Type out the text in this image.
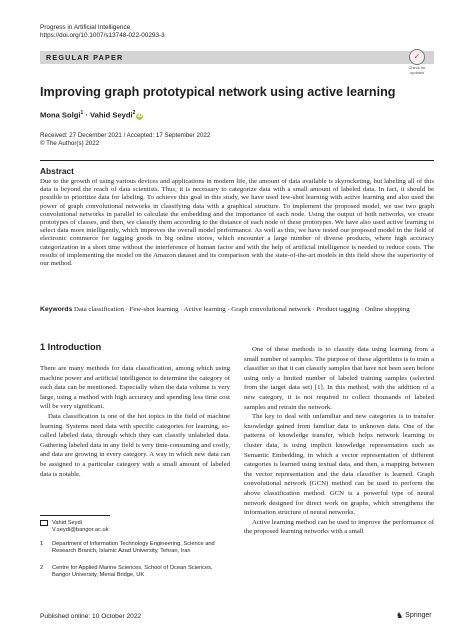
Progress in Artificial Intelligence
https://doi.org/10.1007/s13748-022-00293-3
REGULAR PAPER	✓
Check for
updates
Improving graph prototypical network using active learning
Mona Solgi$^1$ · Vahid Seydi$^2$ iD
Received: 27 December 2021 / Accepted: 17 September 2022
© The Author(s) 2022
Abstract
Due to the growth of using various devices and applications in modern life, the amount of data available is skyrocketing, but labeling all of this data is beyond the reach of data scientists. Thus, it is necessary to categorize data with a small amount of labeled data. In fact, it should be possible to prioritize data for labeling. To achieve this goal in this study, we have used few-shot learning with active learning and also used the power of graph convolutional networks in classifying data with a graphical structure. To implement the proposed model, we use two graph convolutional networks in parallel to calculate the embedding and the importance of each node. Using the output of both networks, we create prototypes of classes, and then, we classify them according to the distance of each node of these prototypes. We have also used active learning to select data more intelligently, which improves the overall model performance. As well as this, we have tested our proposed model in the field of electronic commerce for tagging goods in big online stores, which encounter a large number of diverse products, where high accuracy categorization in a short time without the interference of human factor and with the help of artificial intelligence is needed to reduce costs. The results of implementing the model on the Amazon dataset and its comparison with the state-of-the-art models in this field show the superiority of our method.
Keywords Data classification · Few-shot learning · Active learning · Graph convolutional network · Product tagging · Online shopping
1 Introduction

There are many methods for data classification, among which using machine power and artificial intelligence to determine the category of each data can be mentioned. Especially when the data volume is very large, using a method with high accuracy and spending less time cost will be very significant.

Data classification is one of the hot topics in the field of machine learning. Systems need data with specific categories for learning, so-called labeled data, through which they can classify unlabeled data. Gathering labeled data in any field is very time-consuming and costly, and data are growing in every category. A way in which new data can be assigned to a particular category with a small amount of labeled data is notable.

One of these methods is to classify data using learning from a small number of samples. The purpose of these algorithms is to train a classifier so that it can classify samples that have not been seen before using only a limited number of labeled training samples (selected from the target data set) [1]. In this method, with the addition of a new category, it is not required to collect thousands of labeled samples and retrain the network.

The key to deal with unfamiliar and new categories is to transfer knowledge gained from familiar data to unknown data. One of the patterns of knowledge transfer, which helps network learning to cluster data, is using implicit knowledge representation such as Semantic Embedding, in which a vector representation of different categories is learned using textual data, and then, a mapping between the vector representation and the data classifier is learned. Graph convolutional network (GCN) method can be used to perform the above classification method. GCN is a powerful type of neural network designed for direct work on graphs, which strengthens the information structure of neural networks.

Active learning method can be used to improve the performance of the proposed learning networks with a small

Vahid Seydi
V.seydi@bangor.ac.uk
1	Department of Information Technology Engineering, Science and Research Branch, Islamic Azad University, Tehran, Iran
2	Centre for Applied Marine Sciences, School of Ocean Sciences, Bangor University, Menai Bridge, UK
Published online: 10 October 2022	♞ Springer
